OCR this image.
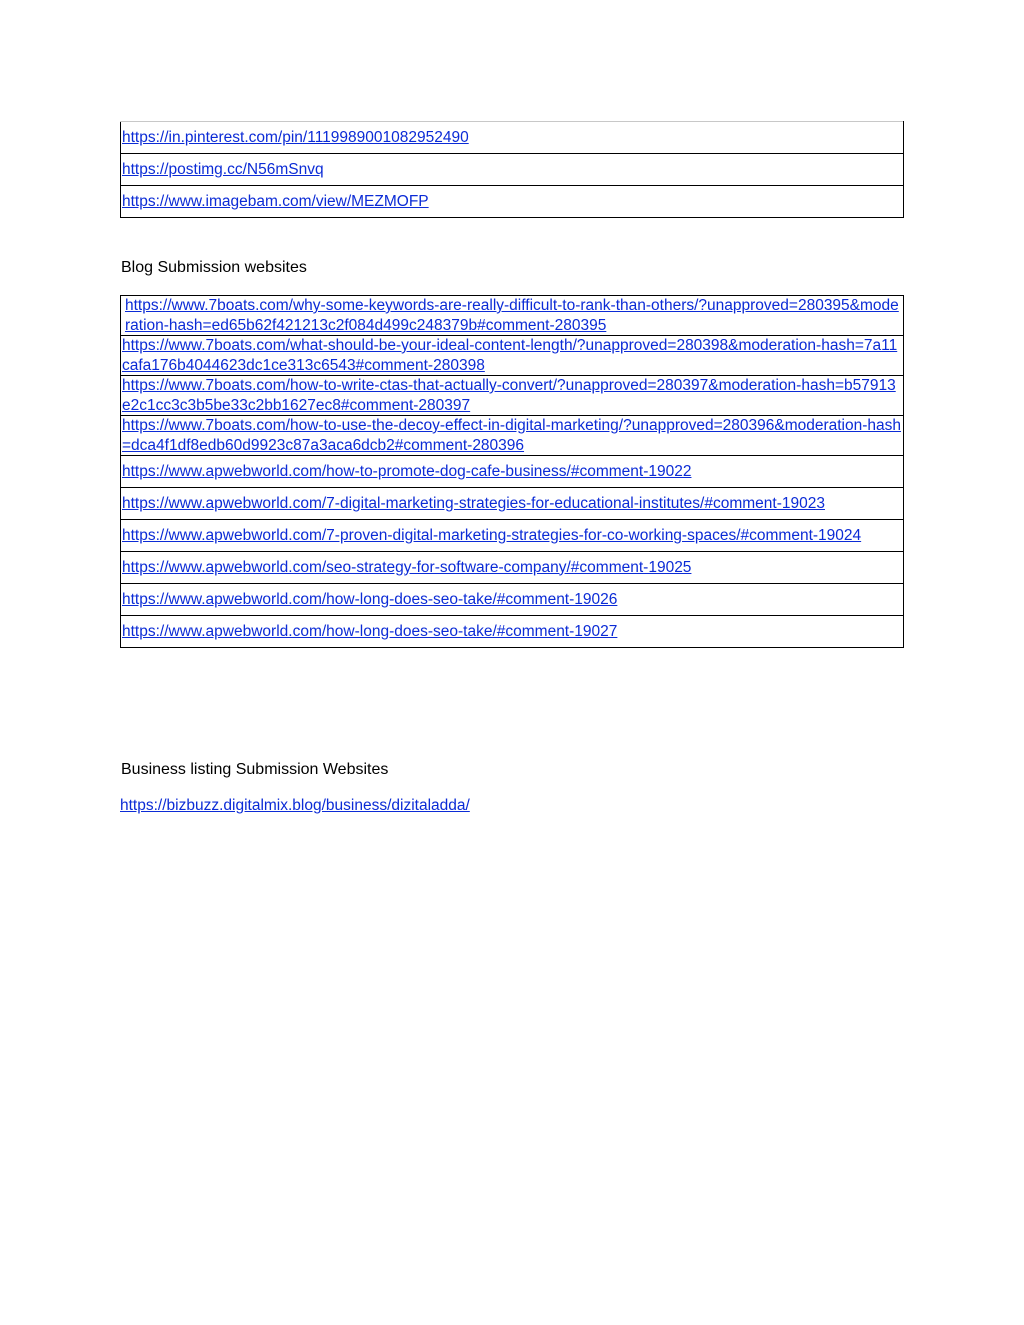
https://in.pinterest.com/pin/1119989001082952490
https://postimg.cc/N56mSnvq
https://www.imagebam.com/view/MEZMOFP
Blog Submission websites
https://www.7boats.com/why-some-keywords-are-really-difficult-to-rank-than-others/?unapproved=280395&moderation-hash=ed65b62f421213c2f084d499c248379b#comment-280395
https://www.7boats.com/what-should-be-your-ideal-content-length/?unapproved=280398&moderation-hash=7a11cafa176b4044623dc1ce313c6543#comment-280398
https://www.7boats.com/how-to-write-ctas-that-actually-convert/?unapproved=280397&moderation-hash=b57913e2c1cc3c3b5be33c2bb1627ec8#comment-280397
https://www.7boats.com/how-to-use-the-decoy-effect-in-digital-marketing/?unapproved=280396&moderation-hash=dca4f1df8edb60d9923c87a3aca6dcb2#comment-280396
https://www.apwebworld.com/how-to-promote-dog-cafe-business/#comment-19022
https://www.apwebworld.com/7-digital-marketing-strategies-for-educational-institutes/#comment-19023
https://www.apwebworld.com/7-proven-digital-marketing-strategies-for-co-working-spaces/#comment-19024
https://www.apwebworld.com/seo-strategy-for-software-company/#comment-19025
https://www.apwebworld.com/how-long-does-seo-take/#comment-19026
https://www.apwebworld.com/how-long-does-seo-take/#comment-19027
Business listing Submission Websites
https://bizbuzz.digitalmix.blog/business/dizitaladda/
